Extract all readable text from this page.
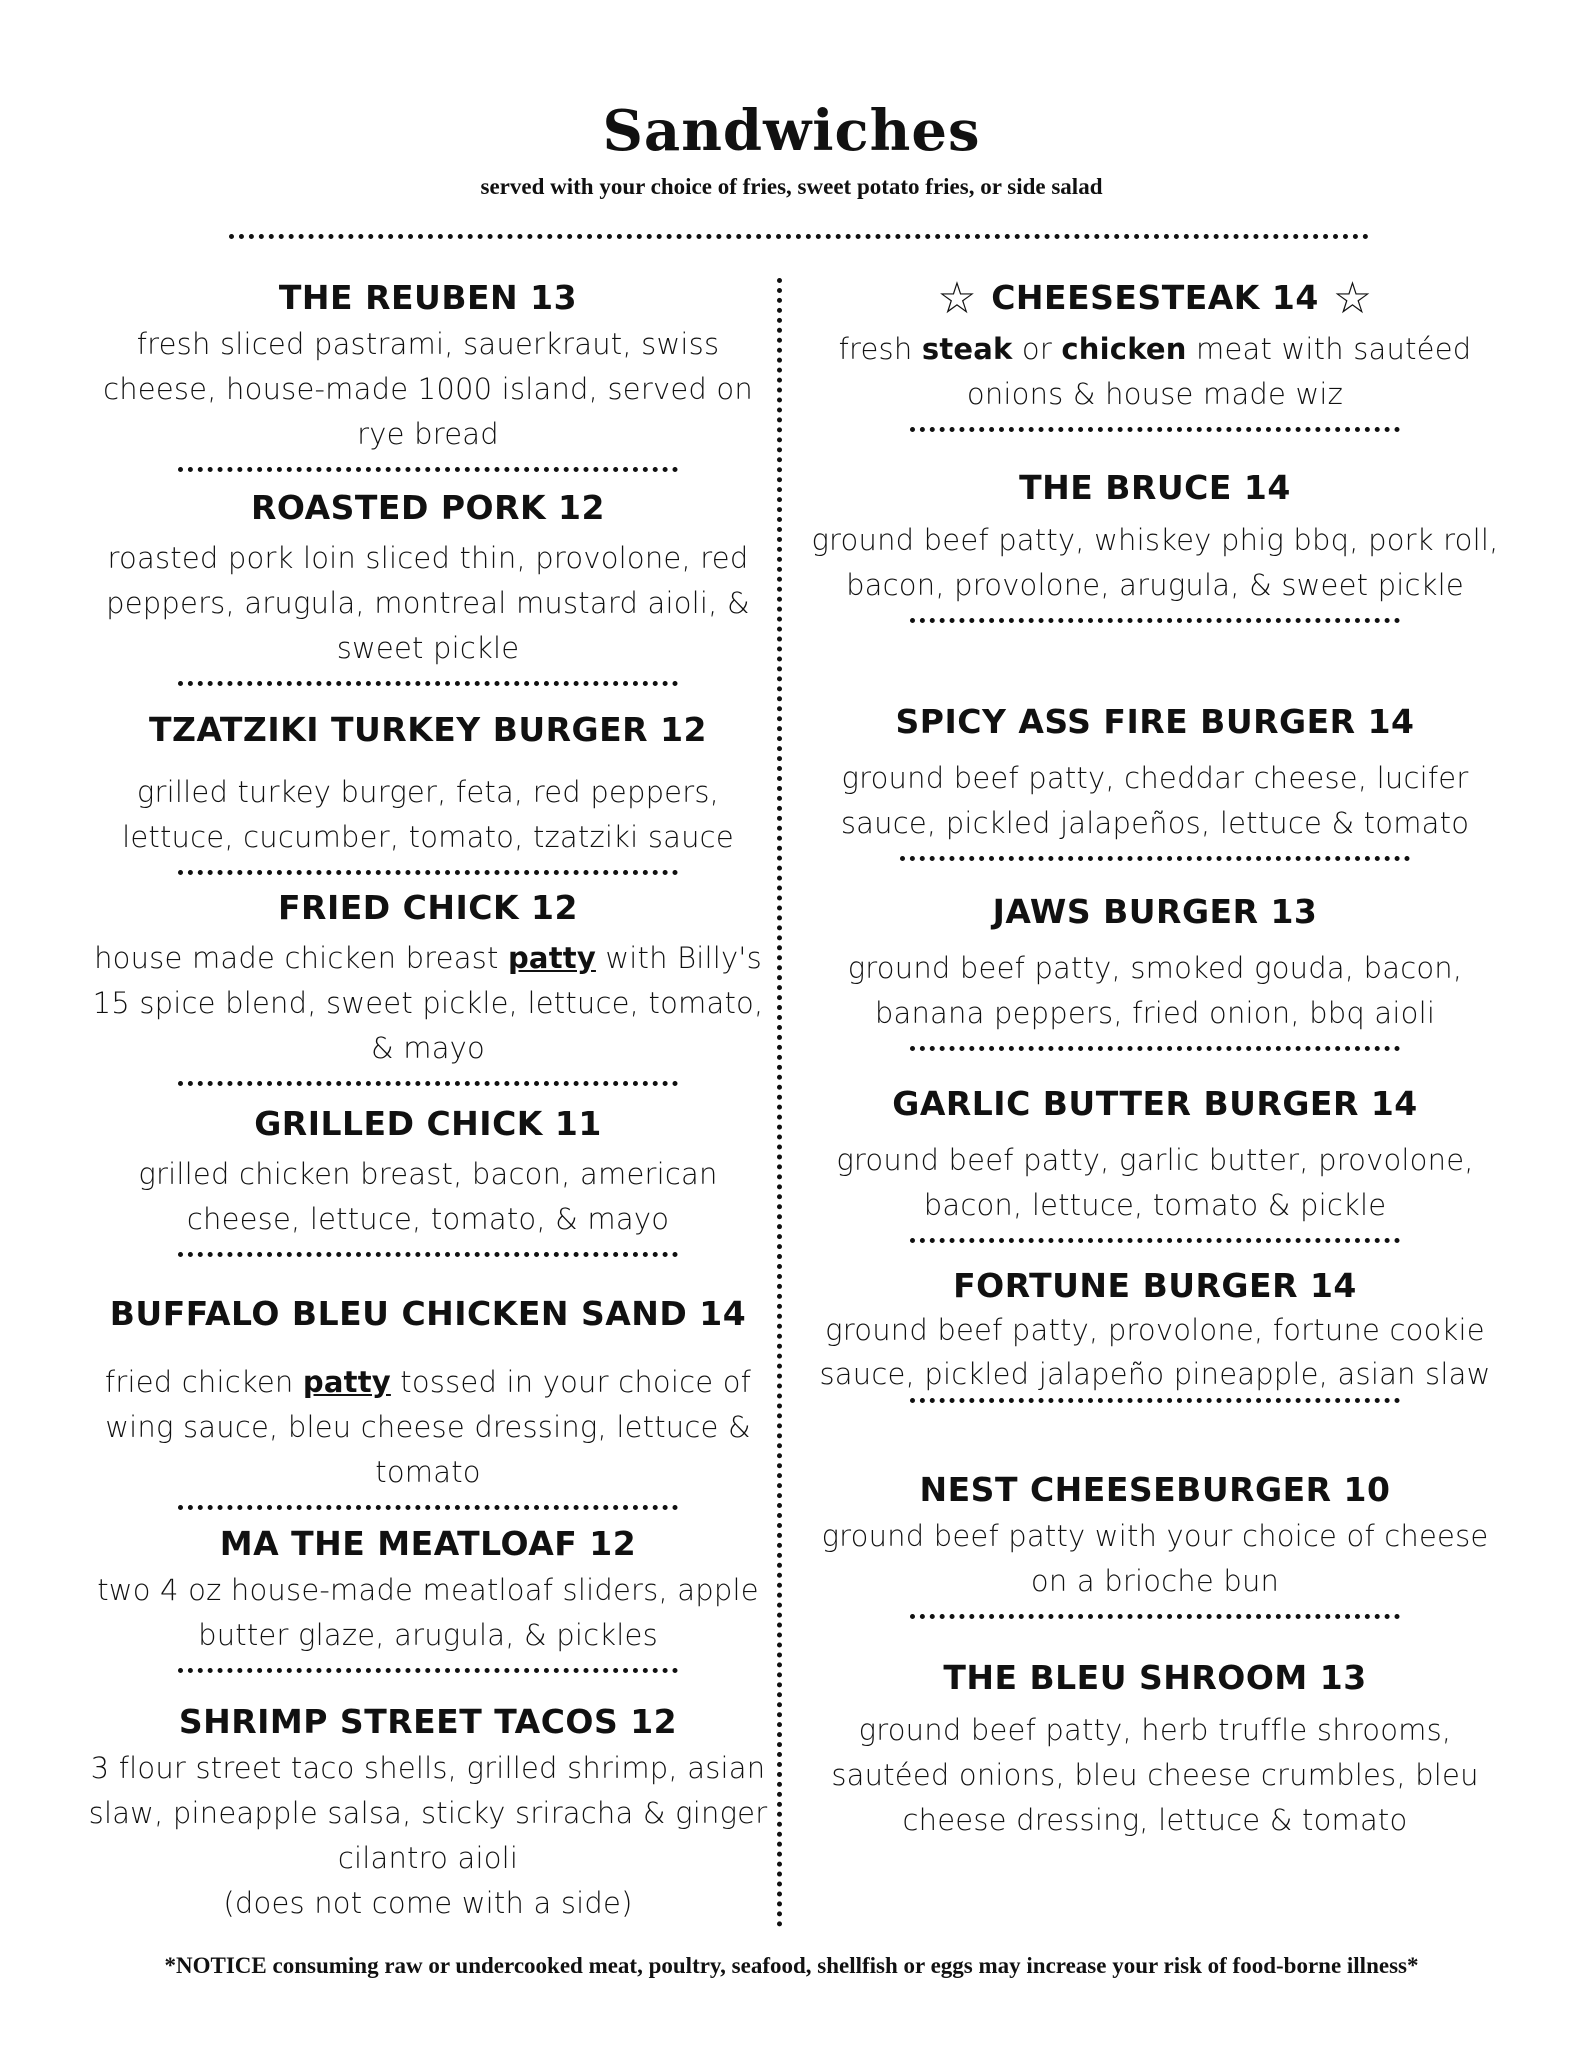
Sandwiches
served with your choice of fries, sweet potato fries, or side salad
THE REUBEN 13

fresh sliced pastrami, sauerkraut, swiss cheese, house-made 1000 island, served on rye bread

ROASTED PORK 12

roasted pork loin sliced thin, provolone, red peppers, arugula, montreal mustard aioli, & sweet pickle

TZATZIKI TURKEY BURGER 12

grilled turkey burger, feta, red peppers, lettuce, cucumber, tomato, tzatziki sauce

FRIED CHICK 12

house made chicken breast patty with Billy's 15 spice blend, sweet pickle, lettuce, tomato, & mayo

GRILLED CHICK 11

grilled chicken breast, bacon, american cheese, lettuce, tomato, & mayo

BUFFALO BLEU CHICKEN SAND 14

fried chicken patty tossed in your choice of wing sauce, bleu cheese dressing, lettuce & tomato

MA THE MEATLOAF 12

two 4 oz house-made meatloaf sliders, apple butter glaze, arugula, & pickles

SHRIMP STREET TACOS 12

3 flour street taco shells, grilled shrimp, asian slaw, pineapple salsa, sticky sriracha & ginger cilantro aioli

(does not come with a side)

☆ CHEESESTEAK 14 ☆

fresh steak or chicken meat with sautéed onions & house made wiz

THE BRUCE 14

ground beef patty, whiskey phig bbq, pork roll, bacon, provolone, arugula, & sweet pickle

SPICY ASS FIRE BURGER 14

ground beef patty, cheddar cheese, lucifer sauce, pickled jalapeños, lettuce & tomato

JAWS BURGER 13

ground beef patty, smoked gouda, bacon, banana peppers, fried onion, bbq aioli

GARLIC BUTTER BURGER 14

ground beef patty, garlic butter, provolone, bacon, lettuce, tomato & pickle

FORTUNE BURGER 14

ground beef patty, provolone, fortune cookie sauce, pickled jalapeño pineapple, asian slaw

NEST CHEESEBURGER 10

ground beef patty with your choice of cheese on a brioche bun

THE BLEU SHROOM 13

ground beef patty, herb truffle shrooms, sautéed onions, bleu cheese crumbles, bleu cheese dressing, lettuce & tomato

*NOTICE consuming raw or undercooked meat, poultry, seafood, shellfish or eggs may increase your risk of food-borne illness*
